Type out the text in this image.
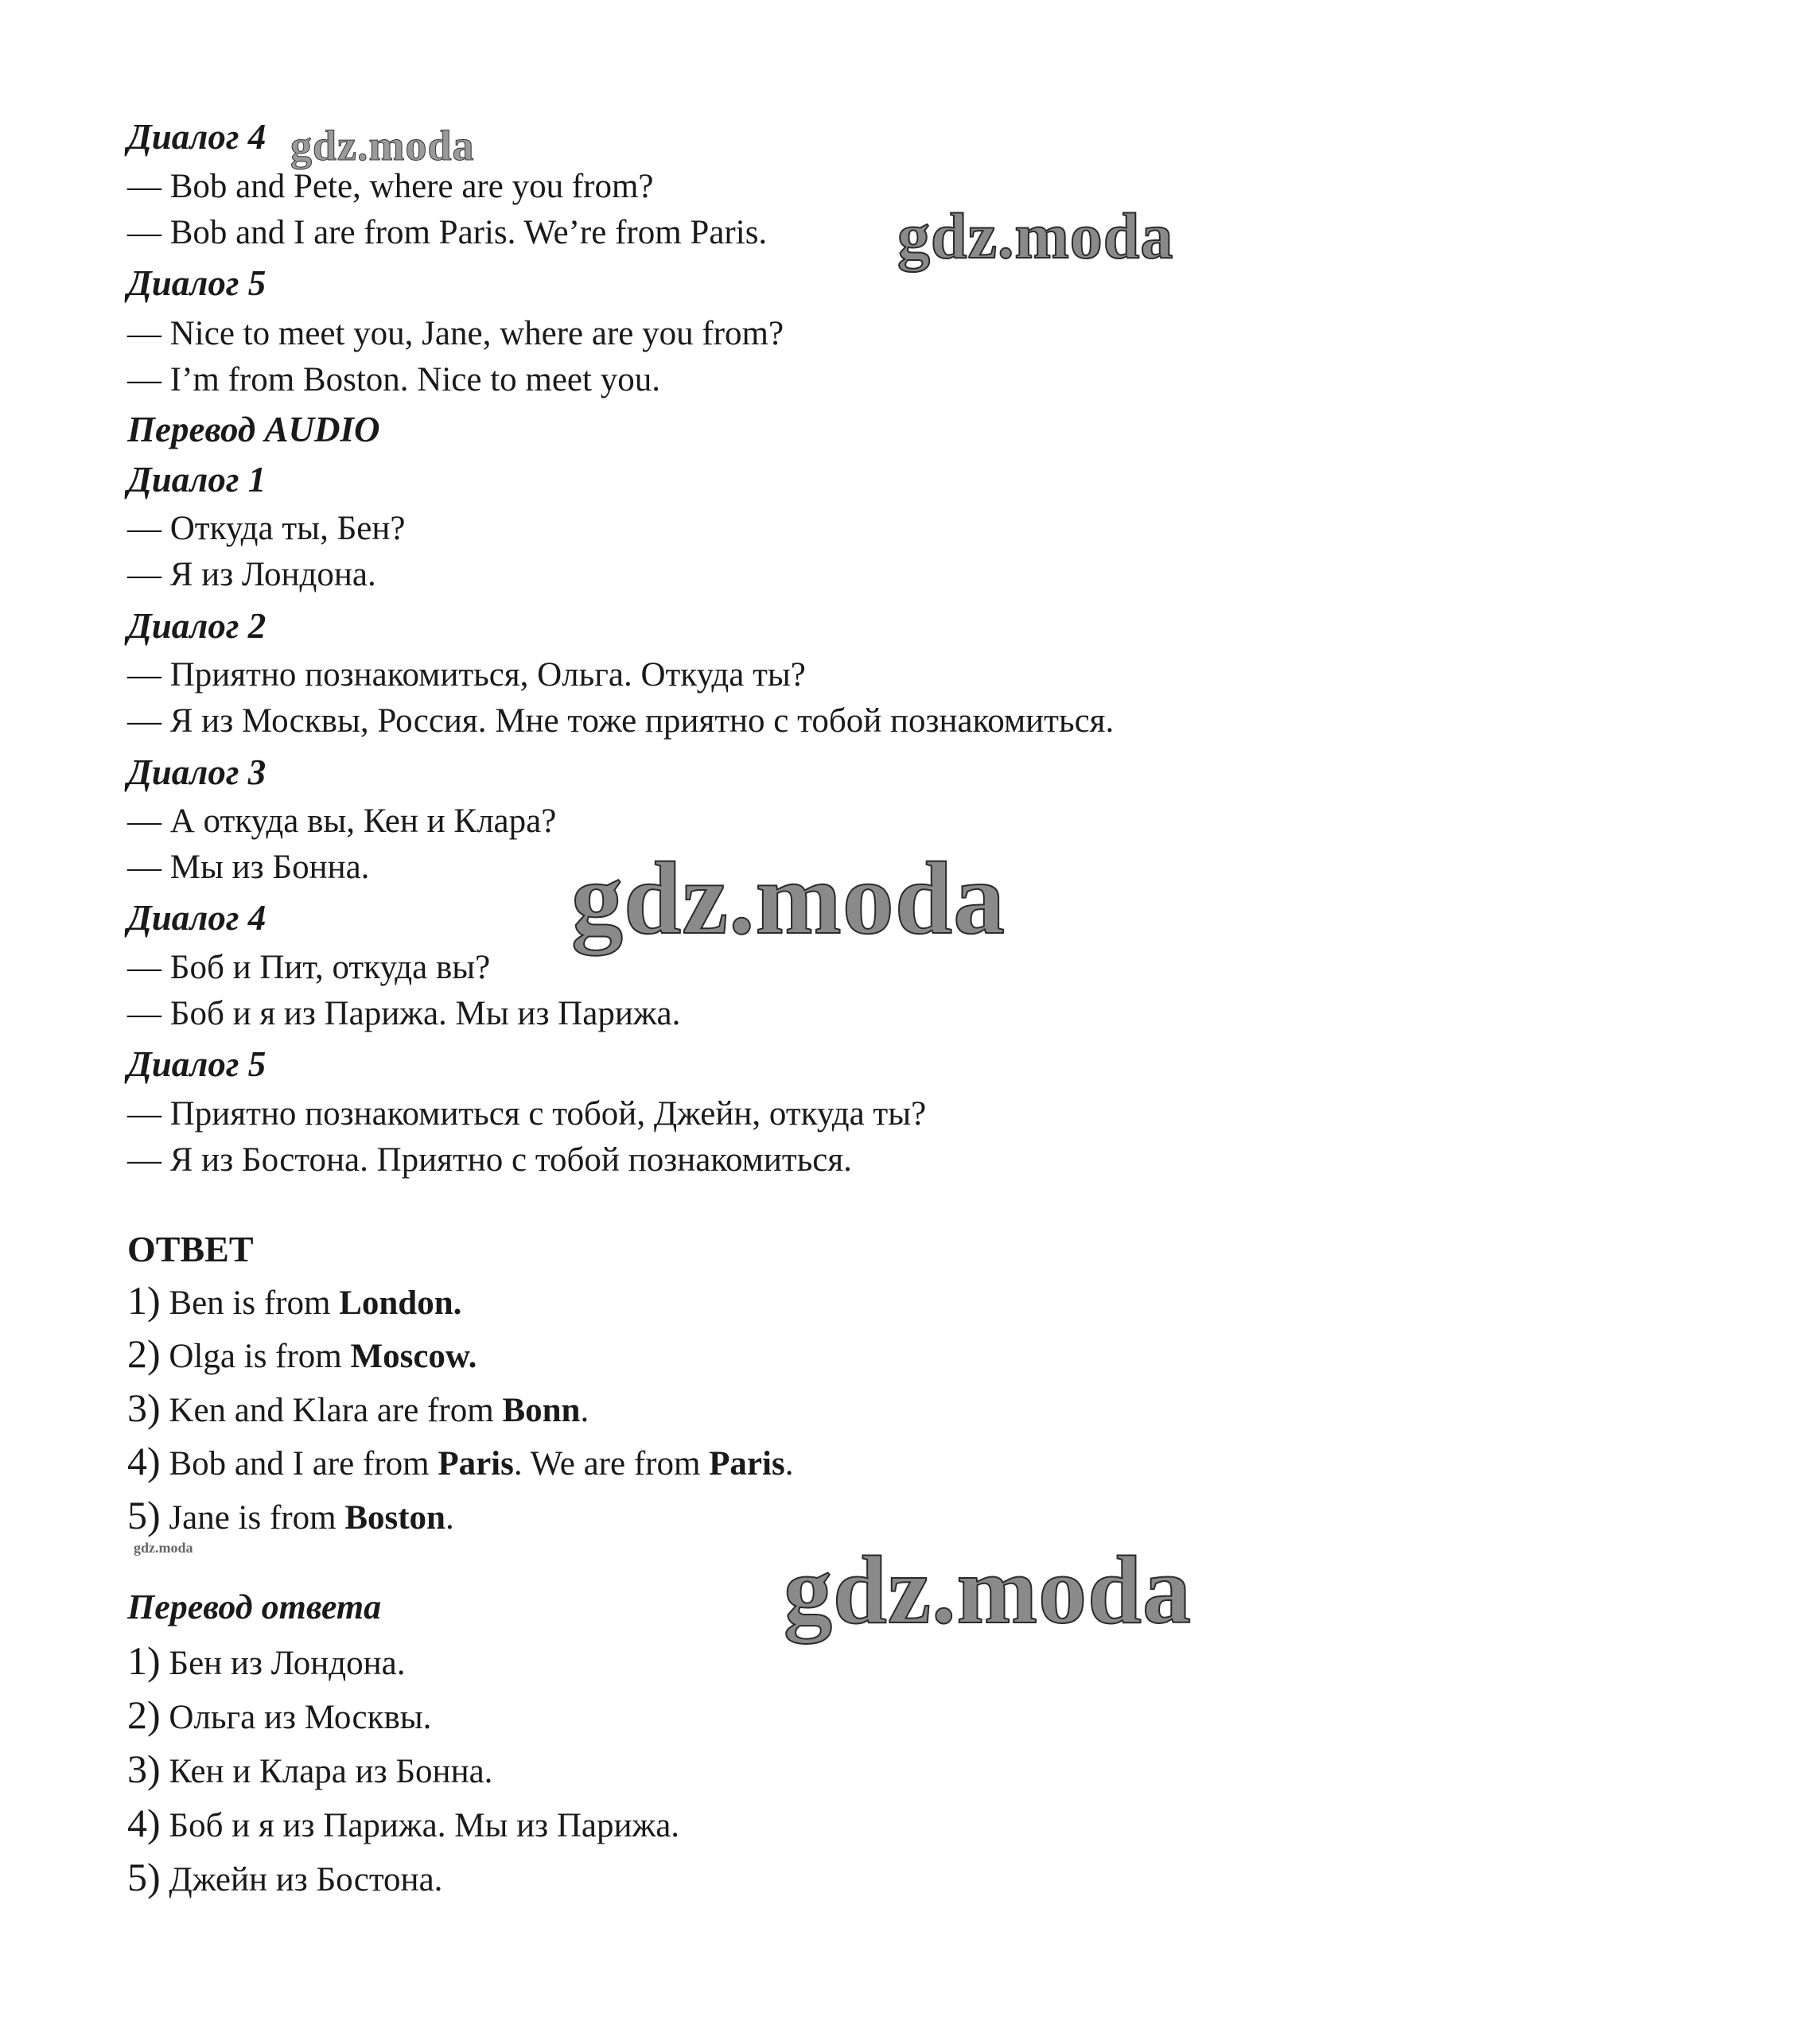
Диалог 4
— Bob and Pete, where are you from?
— Bob and I are from Paris. We’re from Paris.
Диалог 5
— Nice to meet you, Jane, where are you from?
— I’m from Boston. Nice to meet you.
Перевод AUDIO
Диалог 1
— Откуда ты, Бен?
— Я из Лондона.
Диалог 2
— Приятно познакомиться, Ольга. Откуда ты?
— Я из Москвы, Россия. Мне тоже приятно с тобой познакомиться.
Диалог 3
— А откуда вы, Кен и Клара?
— Мы из Бонна.
Диалог 4
— Боб и Пит, откуда вы?
— Боб и я из Парижа. Мы из Парижа.
Диалог 5
— Приятно познакомиться с тобой, Джейн, откуда ты?
— Я из Бостона. Приятно с тобой познакомиться.
ОТВЕТ
1) Ben is from London.
2) Olga is from Moscow.
3) Ken and Klara are from Bonn.
4) Bob and I are from Paris. We are from Paris.
5) Jane is from Boston.
Перевод ответа
1) Бен из Лондона.
2) Ольга из Москвы.
3) Кен и Клара из Бонна.
4) Боб и я из Парижа. Мы из Парижа.
5) Джейн из Бостона.
gdz.moda
gdz.moda
gdz.moda
gdz.moda
gdz.moda
